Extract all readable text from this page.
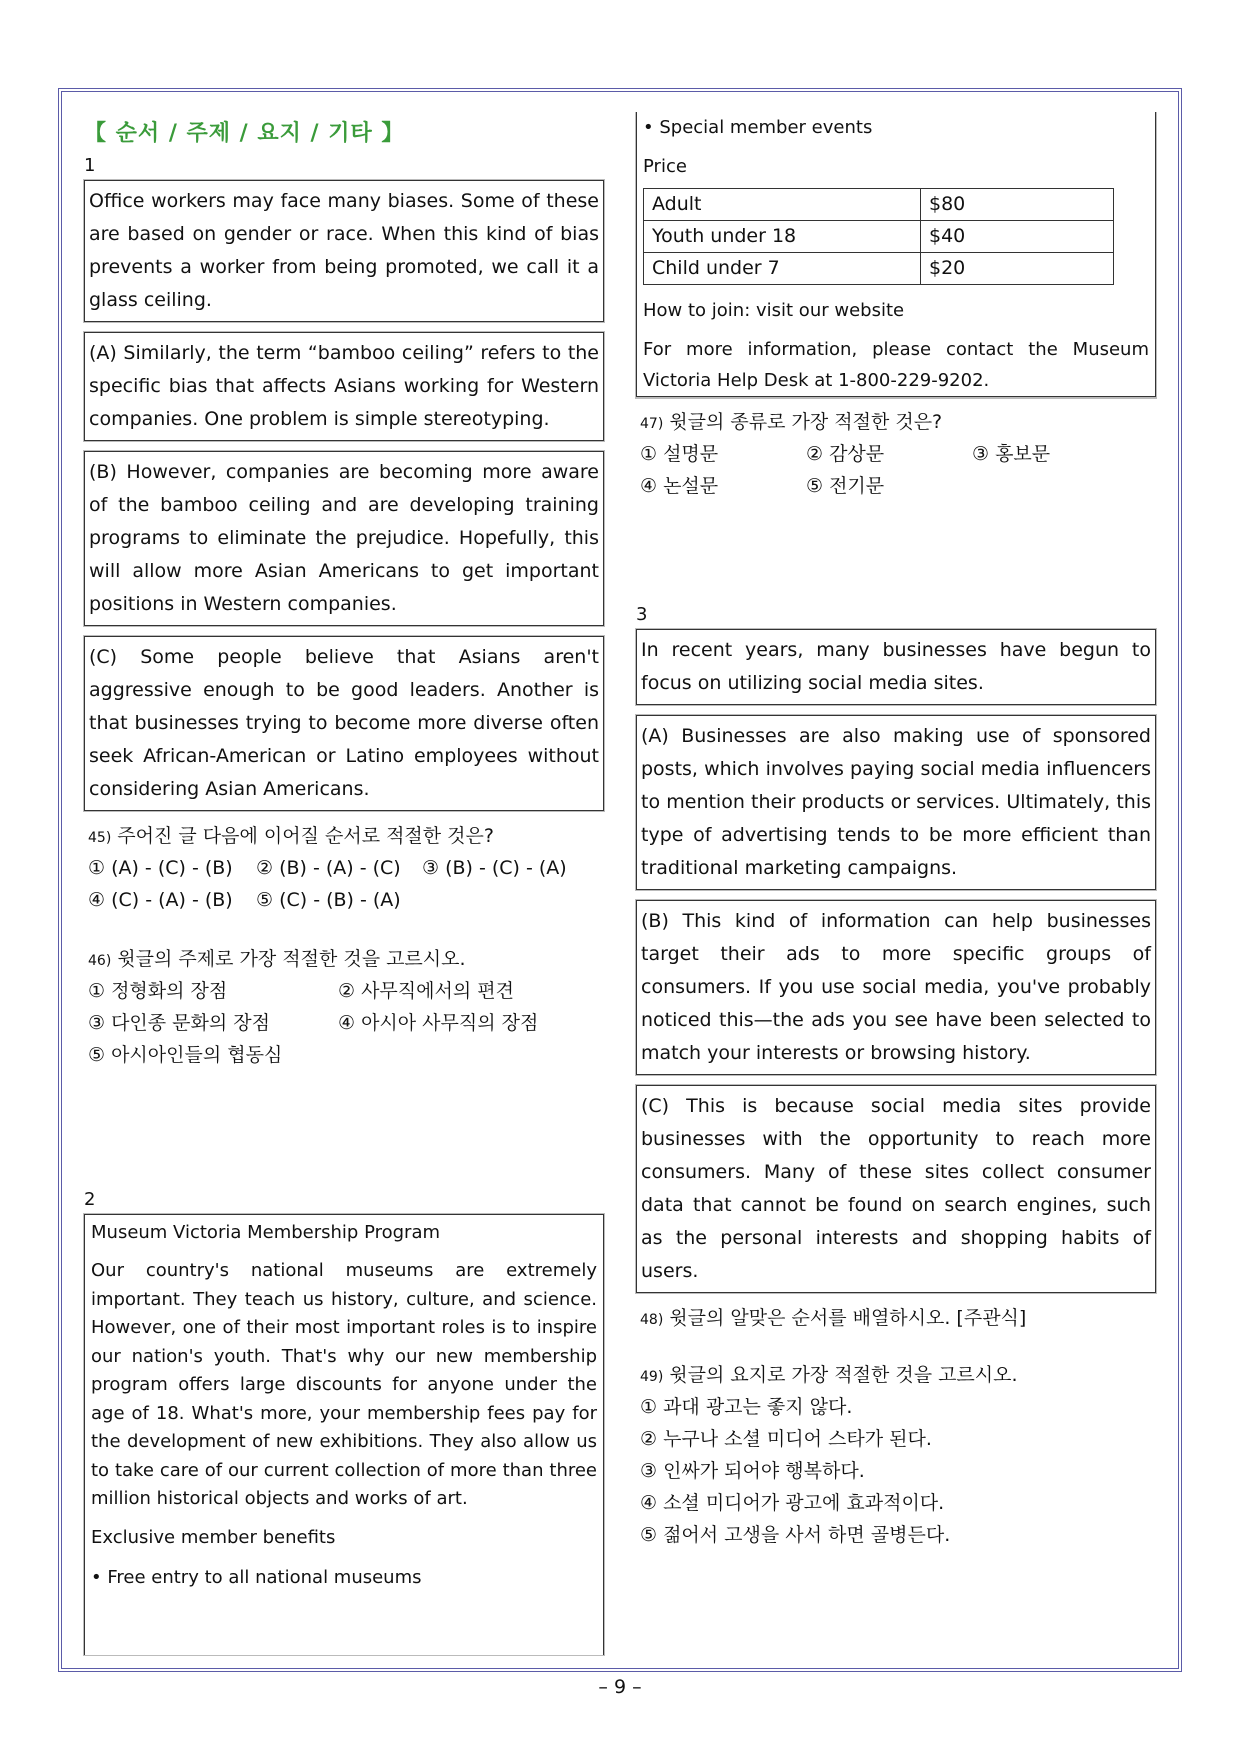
【 순서 / 주제 / 요지 / 기타 】
1
Office workers may face many biases. Some of these are based on gender or race. When this kind of bias prevents a worker from being promoted, we call it a glass ceiling.
(A) Similarly, the term “bamboo ceiling” refers to the specific bias that affects Asians working for Western companies. One problem is simple stereotyping.
(B) However, companies are becoming more aware of the bamboo ceiling and are developing training programs to eliminate the prejudice. Hopefully, this will allow more Asian Americans to get important positions in Western companies.
(C) Some people believe that Asians aren't aggressive enough to be good leaders. Another is that businesses trying to become more diverse often seek African-American or Latino employees without considering Asian Americans.
45) 주어진 글 다음에 이어질 순서로 적절한 것은?
① (A) - (C) - (B) ② (B) - (A) - (C) ③ (B) - (C) - (A)
④ (C) - (A) - (B) ⑤ (C) - (B) - (A)
46) 윗글의 주제로 가장 적절한 것을 고르시오.
① 정형화의 장점	② 사무직에서의 편견
③ 다인종 문화의 장점	④ 아시아 사무직의 장점
⑤ 아시아인들의 협동심
2
Museum Victoria Membership Program
Our country's national museums are extremely important. They teach us history, culture, and science. However, one of their most important roles is to inspire our nation's youth. That's why our new membership program offers large discounts for anyone under the age of 18. What's more, your membership fees pay for the development of new exhibitions. They also allow us to take care of our current collection of more than three million historical objects and works of art.
Exclusive member benefits
• Free entry to all national museums
• Special member events
Price
Adult	$80
Youth under 18	$40
Child under 7	$20
How to join: visit our website
For more information, please contact the Museum Victoria Help Desk at 1-800-229-9202.
47) 윗글의 종류로 가장 적절한 것은?
① 설명문	② 감상문	③ 홍보문
④ 논설문	⑤ 전기문
3
In recent years, many businesses have begun to focus on utilizing social media sites.
(A) Businesses are also making use of sponsored posts, which involves paying social media influencers to mention their products or services. Ultimately, this type of advertising tends to be more efficient than traditional marketing campaigns.
(B) This kind of information can help businesses target their ads to more specific groups of consumers. If you use social media, you've probably noticed this—the ads you see have been selected to match your interests or browsing history.
(C) This is because social media sites provide businesses with the opportunity to reach more consumers. Many of these sites collect consumer data that cannot be found on search engines, such as the personal interests and shopping habits of users.
48) 윗글의 알맞은 순서를 배열하시오. [주관식]
49) 윗글의 요지로 가장 적절한 것을 고르시오.
① 과대 광고는 좋지 않다.
② 누구나 소셜 미디어 스타가 된다.
③ 인싸가 되어야 행복하다.
④ 소셜 미디어가 광고에 효과적이다.
⑤ 젊어서 고생을 사서 하면 골병든다.
– 9 –
